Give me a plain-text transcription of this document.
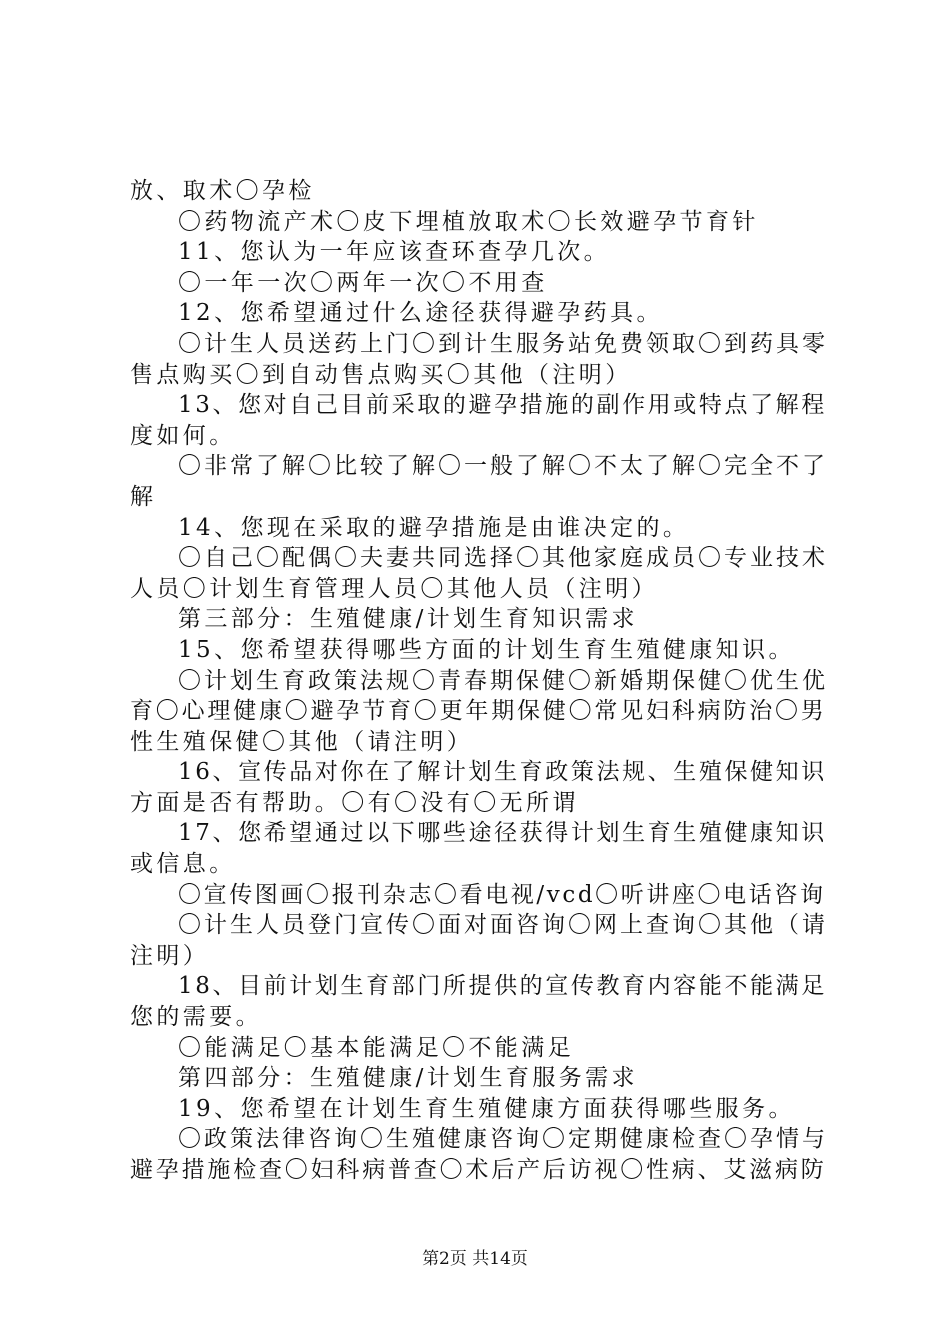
放、取术〇孕检
〇药物流产术〇皮下埋植放取术〇长效避孕节育针
11、您认为一年应该查环查孕几次。
〇一年一次〇两年一次〇不用查
12、您希望通过什么途径获得避孕药具。
〇计生人员送药上门〇到计生服务站免费领取〇到药具零
售点购买〇到自动售点购买〇其他（注明）
13、您对自己目前采取的避孕措施的副作用或特点了解程
度如何。
〇非常了解〇比较了解〇一般了解〇不太了解〇完全不了
解
14、您现在采取的避孕措施是由谁决定的。
〇自己〇配偶〇夫妻共同选择〇其他家庭成员〇专业技术
人员〇计划生育管理人员〇其他人员（注明）
第三部分：生殖健康/计划生育知识需求
15、您希望获得哪些方面的计划生育生殖健康知识。
〇计划生育政策法规〇青春期保健〇新婚期保健〇优生优
育〇心理健康〇避孕节育〇更年期保健〇常见妇科病防治〇男
性生殖保健〇其他（请注明）
16、宣传品对你在了解计划生育政策法规、生殖保健知识
方面是否有帮助。〇有〇没有〇无所谓
17、您希望通过以下哪些途径获得计划生育生殖健康知识
或信息。
〇宣传图画〇报刊杂志〇看电视/vcd〇听讲座〇电话咨询
〇计生人员登门宣传〇面对面咨询〇网上查询〇其他（请
注明）
18、目前计划生育部门所提供的宣传教育内容能不能满足
您的需要。
〇能满足〇基本能满足〇不能满足
第四部分：生殖健康/计划生育服务需求
19、您希望在计划生育生殖健康方面获得哪些服务。
〇政策法律咨询〇生殖健康咨询〇定期健康检查〇孕情与
避孕措施检查〇妇科病普查〇术后产后访视〇性病、艾滋病防
第2页 共14页
